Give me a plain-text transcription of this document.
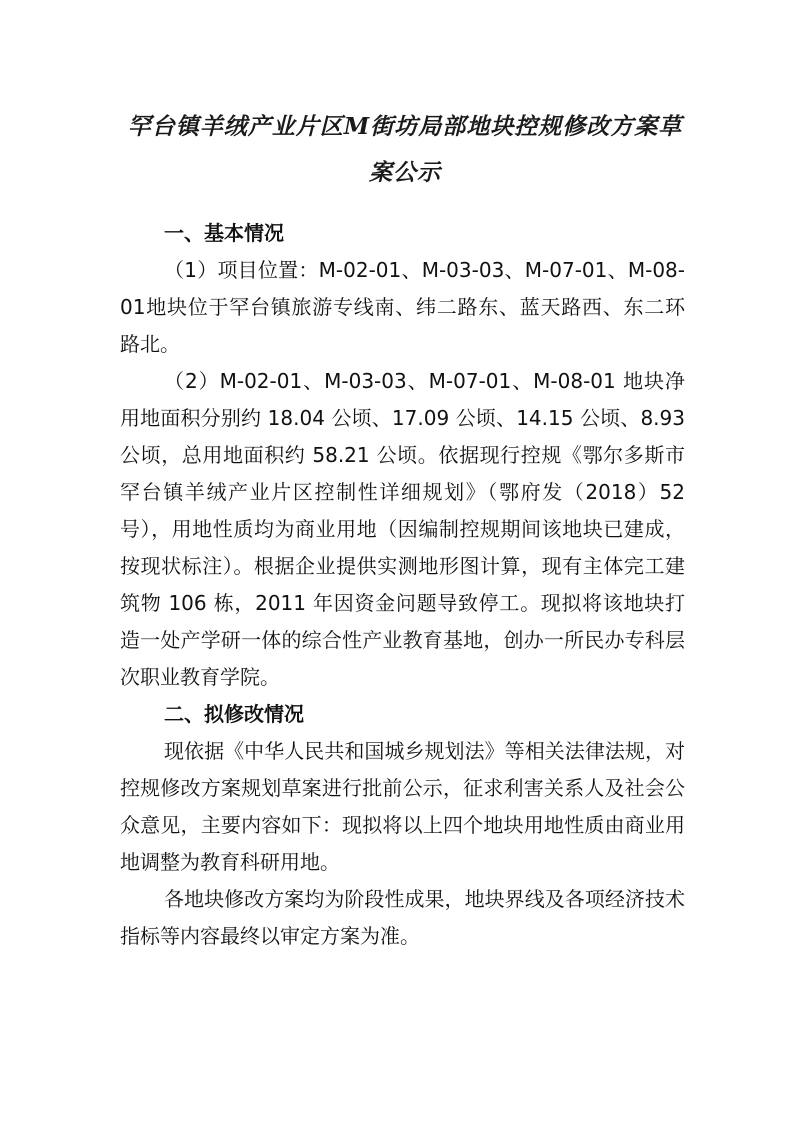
罕台镇羊绒产业片区M街坊局部地块控规修改方案草案公示

一、基本情况

（1）项目位置：M-02-01、M-03-03、M-07-01、M-08-01地块位于罕台镇旅游专线南、纬二路东、蓝天路西、东二环路北。

（2）M-02-01、M-03-03、M-07-01、M-08-01 地块净用地面积分别约 18.04 公顷、17.09 公顷、14.15 公顷、8.93 公顷，总用地面积约 58.21 公顷。依据现行控规《鄂尔多斯市罕台镇羊绒产业片区控制性详细规划》（鄂府发（2018）52 号），用地性质均为商业用地（因编制控规期间该地块已建成，按现状标注）。根据企业提供实测地形图计算，现有主体完工建筑物 106 栋，2011 年因资金问题导致停工。现拟将该地块打造一处产学研一体的综合性产业教育基地，创办一所民办专科层次职业教育学院。

二、拟修改情况

现依据《中华人民共和国城乡规划法》等相关法律法规，对控规修改方案规划草案进行批前公示，征求利害关系人及社会公众意见，主要内容如下：现拟将以上四个地块用地性质由商业用地调整为教育科研用地。

各地块修改方案均为阶段性成果，地块界线及各项经济技术指标等内容最终以审定方案为准。
